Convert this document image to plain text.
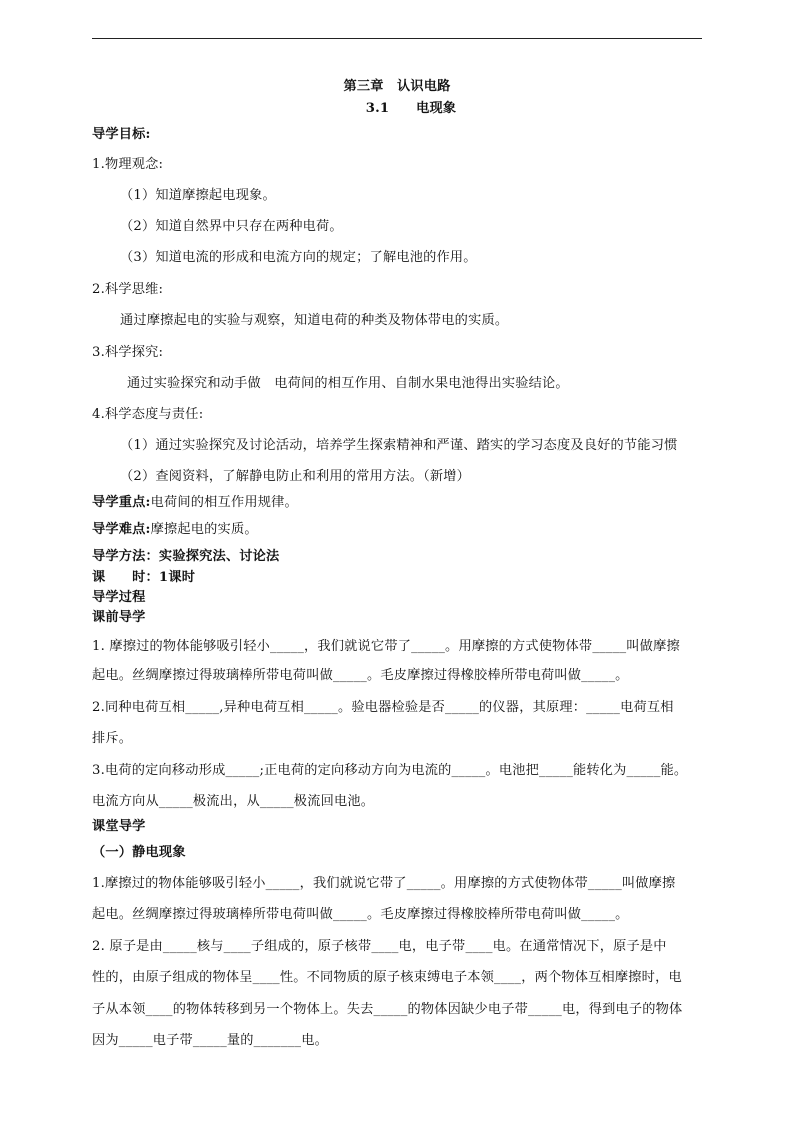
第三章　认识电路
3.1　　电现象
导学目标:
1.物理观念:
（1）知道摩擦起电现象。
（2）知道自然界中只存在两种电荷。
（3）知道电流的形成和电流方向的规定；了解电池的作用。
2.科学思维:
通过摩擦起电的实验与观察，知道电荷的种类及物体带电的实质。
3.科学探究:
通过实验探究和动手做　电荷间的相互作用、自制水果电池得出实验结论。
4.科学态度与责任:
（1）通过实验探究及讨论活动，培养学生探索精神和严谨、踏实的学习态度及良好的节能习惯
（2）查阅资料，了解静电防止和利用的常用方法。（新增）
导学重点:电荷间的相互作用规律。
导学难点:摩擦起电的实质。
导学方法：实验探究法、讨论法
课　　时：1课时
导学过程
课前导学
1. 摩擦过的物体能够吸引轻小_____，我们就说它带了_____。用摩擦的方式使物体带_____叫做摩擦
起电。丝绸摩擦过得玻璃棒所带电荷叫做_____。毛皮摩擦过得橡胶棒所带电荷叫做_____。
2.同种电荷互相_____,异种电荷互相_____。验电器检验是否_____的仪器，其原理：_____电荷互相
排斥。
3.电荷的定向移动形成_____;正电荷的定向移动方向为电流的_____。电池把_____能转化为_____能。
电流方向从_____极流出，从_____极流回电池。
课堂导学
（一）静电现象
1.摩擦过的物体能够吸引轻小_____，我们就说它带了_____。用摩擦的方式使物体带_____叫做摩擦
起电。丝绸摩擦过得玻璃棒所带电荷叫做_____。毛皮摩擦过得橡胶棒所带电荷叫做_____。
2. 原子是由_____核与____子组成的，原子核带____电，电子带____电。在通常情况下，原子是中
性的，由原子组成的物体呈____性。不同物质的原子核束缚电子本领____，两个物体互相摩擦时，电
子从本领____的物体转移到另一个物体上。失去_____的物体因缺少电子带_____电，得到电子的物体
因为_____电子带_____量的_______电。
